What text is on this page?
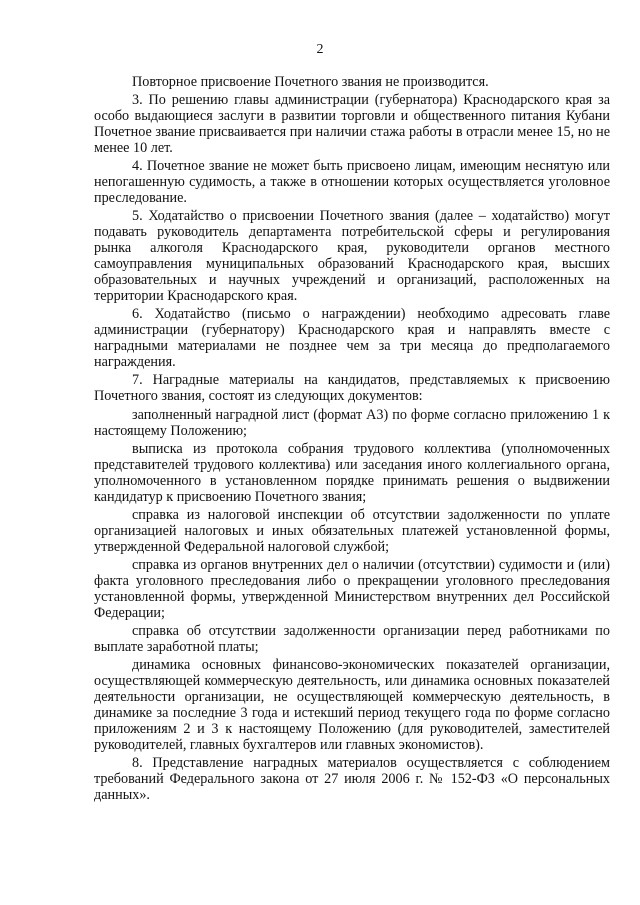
2

Повторное присвоение Почетного звания не производится.

3. По решению главы администрации (губернатора) Краснодарского края за особо выдающиеся заслуги в развитии торговли и общественного питания Кубани Почетное звание присваивается при наличии стажа работы в отрасли менее 15, но не менее 10 лет.

4. Почетное звание не может быть присвоено лицам, имеющим неснятую или непогашенную судимость, а также в отношении которых осуществляется уголовное преследование.

5. Ходатайство о присвоении Почетного звания (далее – ходатайство) могут подавать руководитель департамента потребительской сферы и регулирования рынка алкоголя Краснодарского края, руководители органов местного самоуправления муниципальных образований Краснодарского края, высших образовательных и научных учреждений и организаций, расположенных на территории Краснодарского края.

6. Ходатайство (письмо о награждении) необходимо адресовать главе администрации (губернатору) Краснодарского края и направлять вместе с наградными материалами не позднее чем за три месяца до предполагаемого награждения.

7. Наградные материалы на кандидатов, представляемых к присвоению Почетного звания, состоят из следующих документов:

заполненный наградной лист (формат А3) по форме согласно приложению 1 к настоящему Положению;

выписка из протокола собрания трудового коллектива (уполномоченных представителей трудового коллектива) или заседания иного коллегиального органа, уполномоченного в установленном порядке принимать решения о выдвижении кандидатур к присвоению Почетного звания;

справка из налоговой инспекции об отсутствии задолженности по уплате организацией налоговых и иных обязательных платежей установленной формы, утвержденной Федеральной налоговой службой;

справка из органов внутренних дел о наличии (отсутствии) судимости и (или) факта уголовного преследования либо о прекращении уголовного преследования установленной формы, утвержденной Министерством внутренних дел Российской Федерации;

справка об отсутствии задолженности организации перед работниками по выплате заработной платы;

динамика основных финансово-экономических показателей организации, осуществляющей коммерческую деятельность, или динамика основных показателей деятельности организации, не осуществляющей коммерческую деятельность, в динамике за последние 3 года и истекший период текущего года по форме согласно приложениям 2 и 3 к настоящему Положению (для руководителей, заместителей руководителей, главных бухгалтеров или главных экономистов).

8. Представление наградных материалов осуществляется с соблюдением требований Федерального закона от 27 июля 2006 г. № 152-ФЗ «О персональных данных».
